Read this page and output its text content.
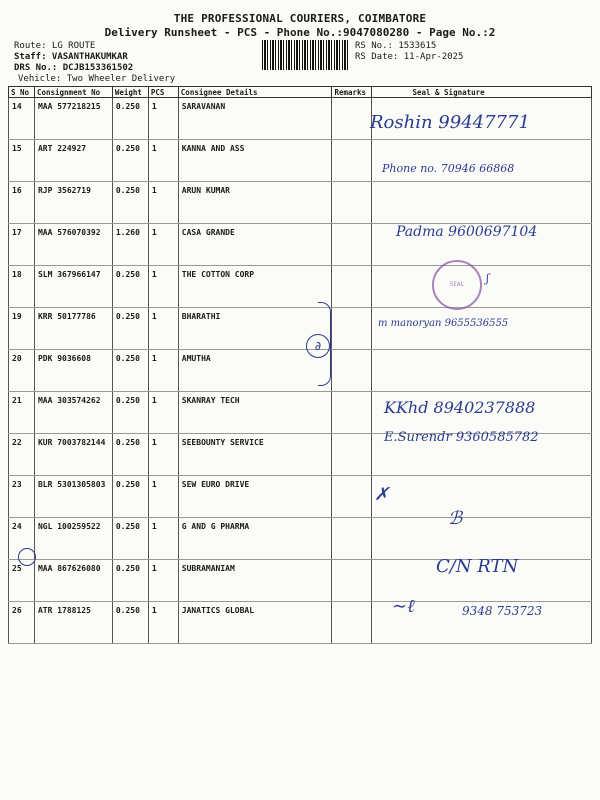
THE PROFESSIONAL COURIERS, COIMBATORE
Delivery Runsheet - PCS - Phone No.:9047080280 - Page No.:2
Route: LG ROUTE
Staff: VASANTHAKUMKAR
DRS No.: DCJB153361502
Vehicle: Two Wheeler Delivery
RS No.: 1533615
RS Date: 11-Apr-2025
S No	Consignment No	Weight	PCS	Consignee Details	Remarks	Seal & Signature
14	MAA 577218215	0.250	1	SARAVANAN		
15	ART 224927	0.250	1	KANNA AND ASS		
16	RJP 3562719	0.250	1	ARUN KUMAR		
17	MAA 576070392	1.260	1	CASA GRANDE		
18	SLM 367966147	0.250	1	THE COTTON CORP		
19	KRR 50177786	0.250	1	BHARATHI		
20	PDK 9036608	0.250	1	AMUTHA		
21	MAA 303574262	0.250	1	SKANRAY TECH		
22	KUR 7003782144	0.250	1	SEEBOUNTY SERVICE		
23	BLR 5301305803	0.250	1	SEW EURO DRIVE		
24	NGL 100259522	0.250	1	G AND G PHARMA		
25	MAA 867626080	0.250	1	SUBRAMANIAM		
26	ATR 1788125	0.250	1	JANATICS GLOBAL		
Roshin 99447771
Phone no. 70946 66868
Padma 9600697104
SEAL	ʃ
∂
m manoryan 9655536555
KKhd 8940237888
E.Surendr 9360585782
✗
ℬ
C/N RTN
∼ℓ	9348 753723
